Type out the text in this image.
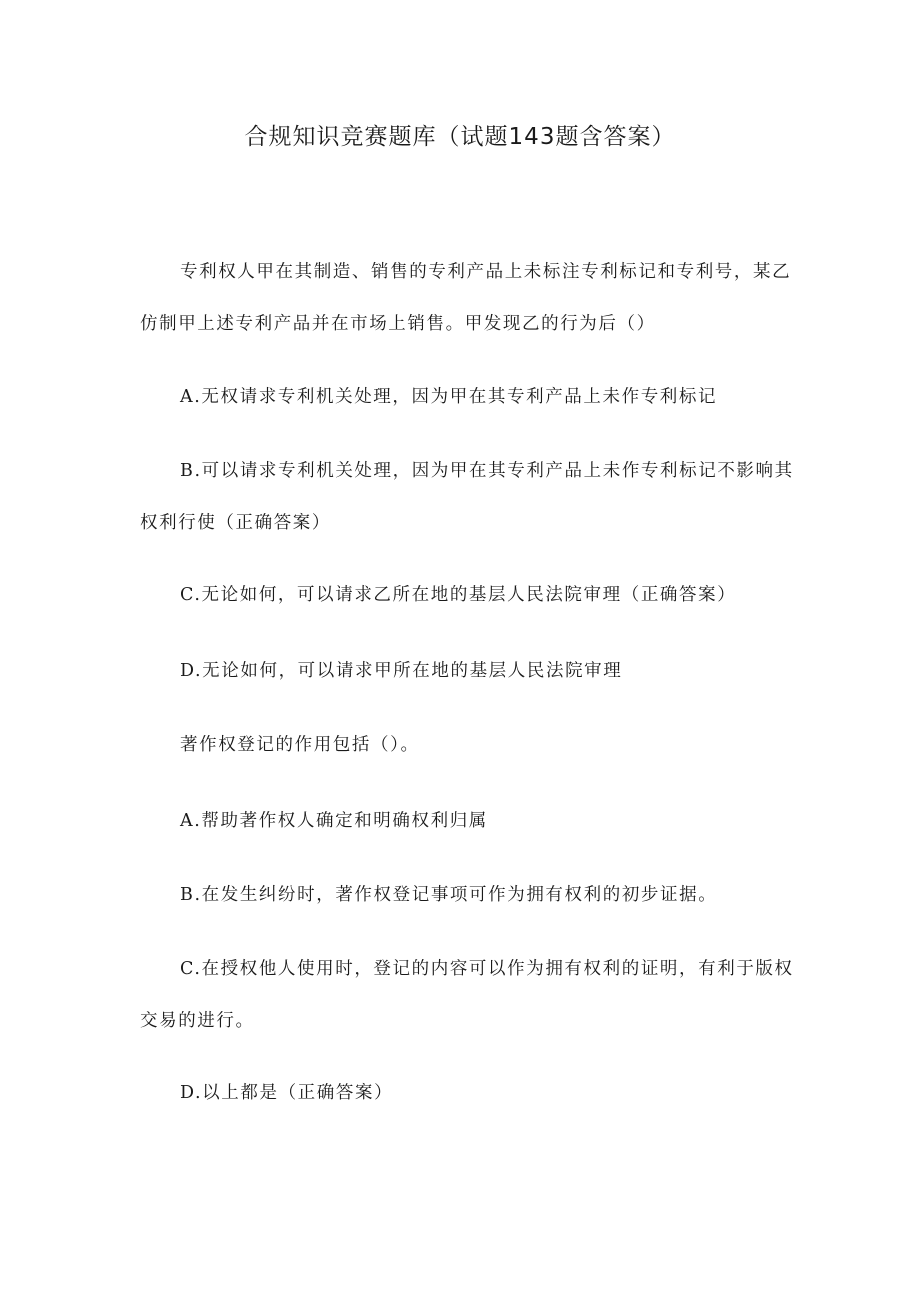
合规知识竞赛题库（试题143题含答案）

专利权人甲在其制造、销售的专利产品上未标注专利标记和专利号，某乙仿制甲上述专利产品并在市场上销售。甲发现乙的行为后（）

A.无权请求专利机关处理，因为甲在其专利产品上未作专利标记

B.可以请求专利机关处理，因为甲在其专利产品上未作专利标记不影响其权利行使（正确答案）

C.无论如何，可以请求乙所在地的基层人民法院审理（正确答案）

D.无论如何，可以请求甲所在地的基层人民法院审理

著作权登记的作用包括（）。

A.帮助著作权人确定和明确权利归属

B.在发生纠纷时，著作权登记事项可作为拥有权利的初步证据。

C.在授权他人使用时，登记的内容可以作为拥有权利的证明，有利于版权交易的进行。

D.以上都是（正确答案）
